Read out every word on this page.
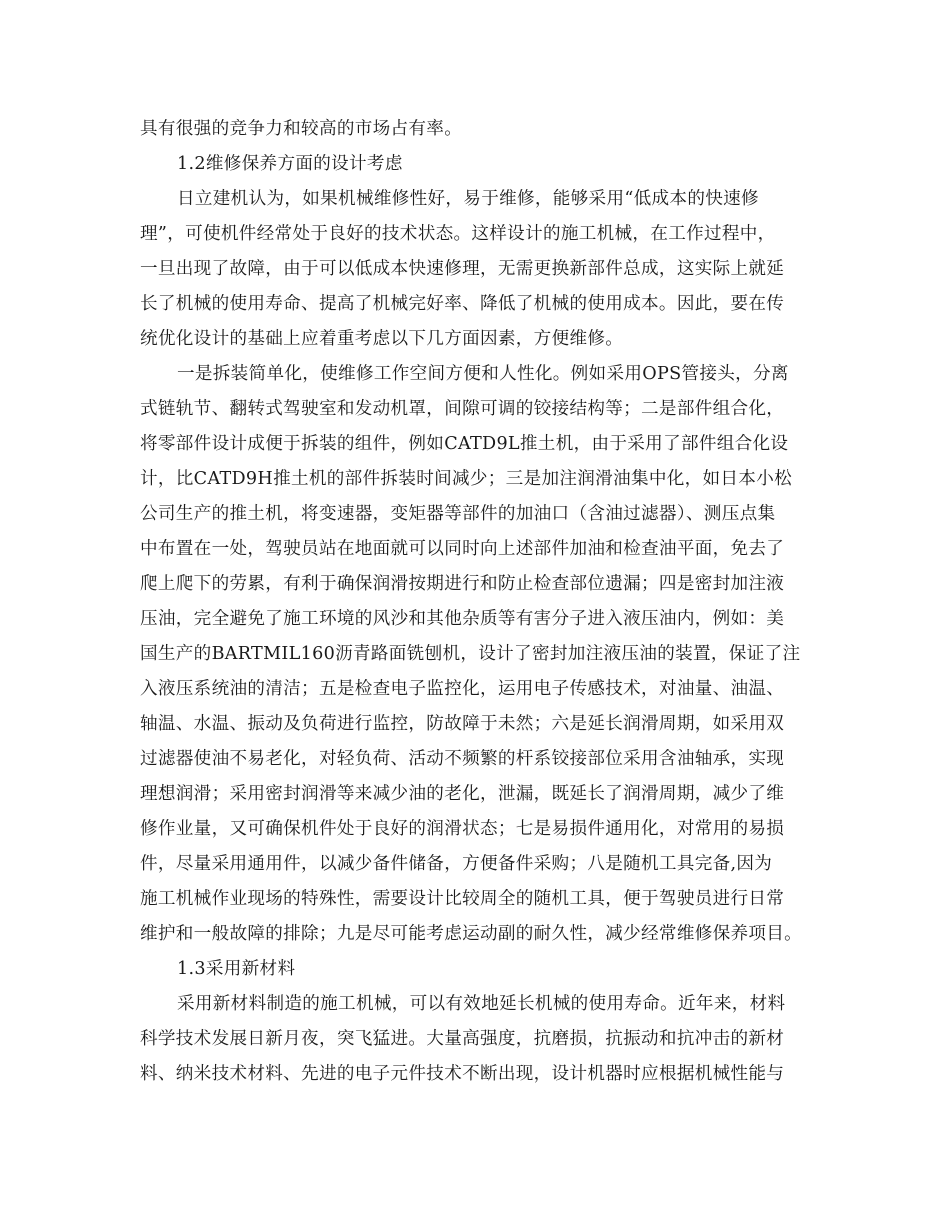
具有很强的竞争力和较高的市场占有率。
1.2维修保养方面的设计考虑
日立建机认为，如果机械维修性好，易于维修，能够采用“低成本的快速修
理”，可使机件经常处于良好的技术状态。这样设计的施工机械，在工作过程中，
一旦出现了故障，由于可以低成本快速修理，无需更换新部件总成，这实际上就延
长了机械的使用寿命、提高了机械完好率、降低了机械的使用成本。因此，要在传
统优化设计的基础上应着重考虑以下几方面因素，方便维修。
一是拆装简单化，使维修工作空间方便和人性化。例如采用OPS管接头，分离
式链轨节、翻转式驾驶室和发动机罩，间隙可调的铰接结构等；二是部件组合化，
将零部件设计成便于拆装的组件，例如CATD9L推土机，由于采用了部件组合化设
计，比CATD9H推土机的部件拆装时间减少；三是加注润滑油集中化，如日本小松
公司生产的推土机，将变速器，变矩器等部件的加油口（含油过滤器）、测压点集
中布置在一处，驾驶员站在地面就可以同时向上述部件加油和检查油平面，免去了
爬上爬下的劳累，有利于确保润滑按期进行和防止检查部位遗漏；四是密封加注液
压油，完全避免了施工环境的风沙和其他杂质等有害分子进入液压油内，例如：美
国生产的BARTMIL160沥青路面铣刨机，设计了密封加注液压油的装置，保证了注
入液压系统油的清洁；五是检查电子监控化，运用电子传感技术，对油量、油温、
轴温、水温、振动及负荷进行监控，防故障于未然；六是延长润滑周期，如采用双
过滤器使油不易老化，对轻负荷、活动不频繁的杆系铰接部位采用含油轴承，实现
理想润滑；采用密封润滑等来减少油的老化，泄漏，既延长了润滑周期，减少了维
修作业量，又可确保机件处于良好的润滑状态；七是易损件通用化，对常用的易损
件，尽量采用通用件，以减少备件储备，方便备件采购；八是随机工具完备,因为
施工机械作业现场的特殊性，需要设计比较周全的随机工具，便于驾驶员进行日常
维护和一般故障的排除；九是尽可能考虑运动副的耐久性，减少经常维修保养项目。
1.3采用新材料
采用新材料制造的施工机械，可以有效地延长机械的使用寿命。近年来，材料
科学技术发展日新月夜，突飞猛进。大量高强度，抗磨损，抗振动和抗冲击的新材
料、纳米技术材料、先进的电子元件技术不断出现，设计机器时应根据机械性能与
